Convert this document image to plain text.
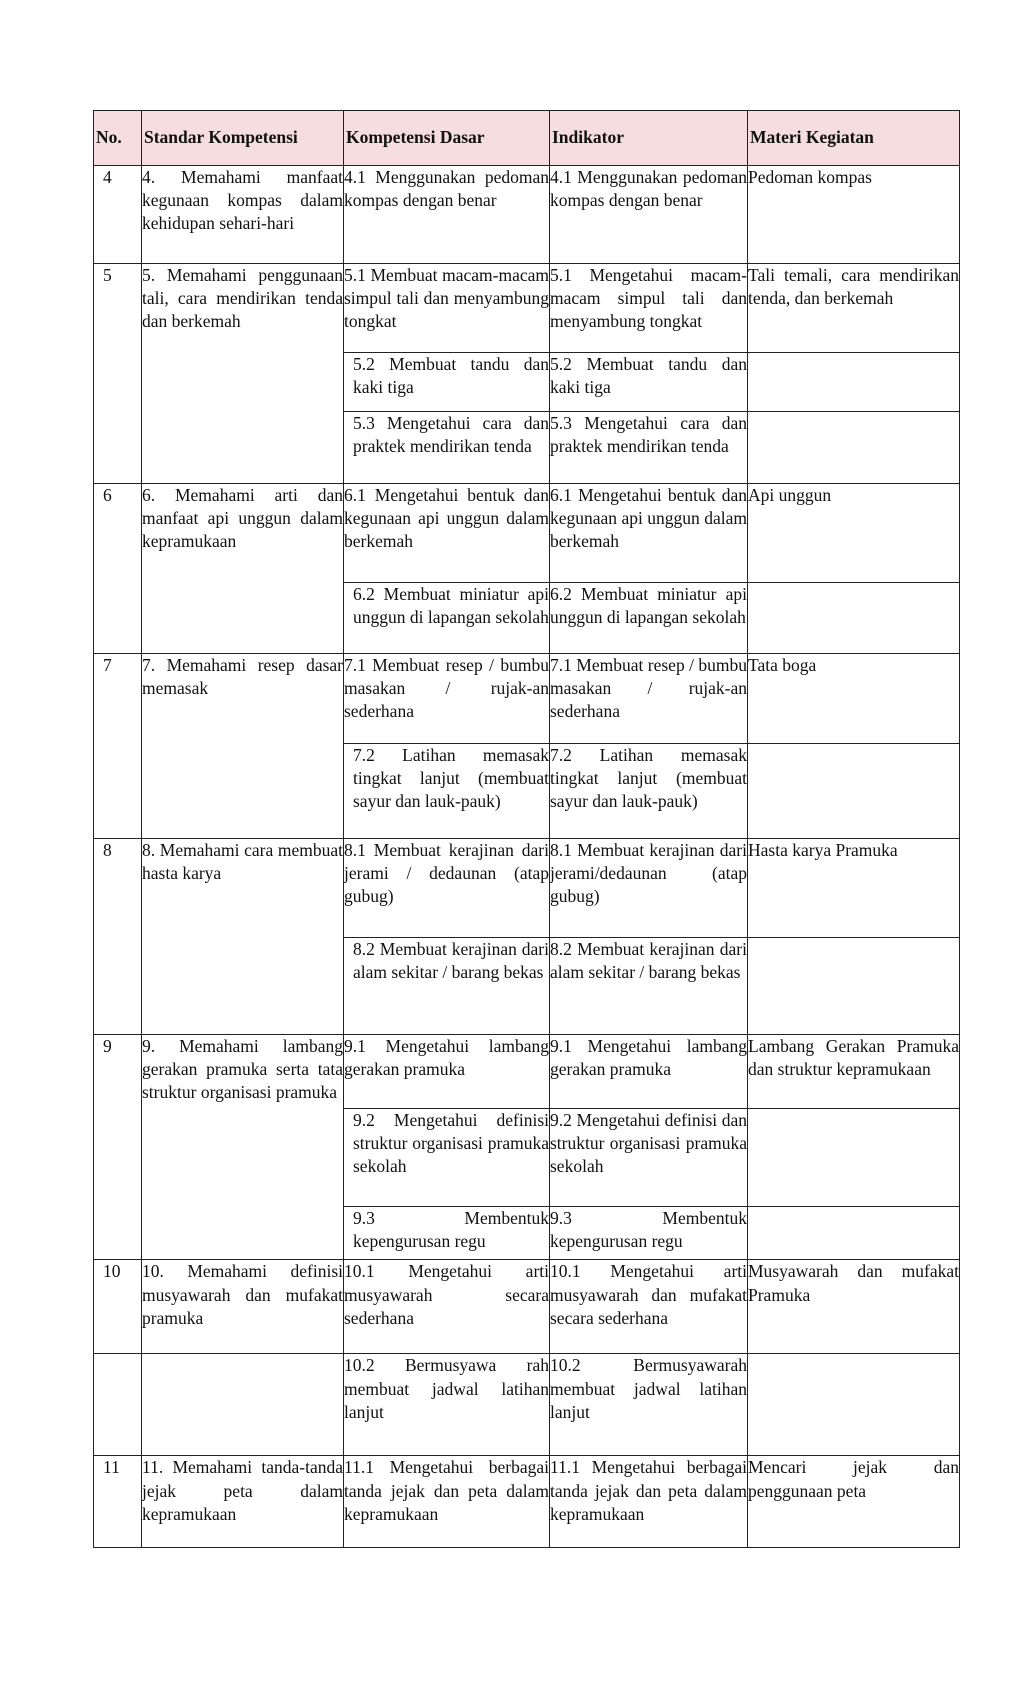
No.	Standar Kompetensi	Kompetensi Dasar	Indikator	Materi Kegiatan
4	4. Memahami manfaat kegunaan kompas dalam kehidupan sehari-hari	4.1 Menggunakan pedoman kompas dengan benar	4.1 Menggunakan pedoman kompas dengan benar	Pedoman kompas
5	5. Memahami penggunaan tali, cara mendirikan tenda dan berkemah	5.1 Membuat macam-macam simpul tali dan menyambung tongkat	5.1 Mengetahui macam-macam simpul tali dan menyambung tongkat	Tali temali, cara mendirikan tenda, dan berkemah
		5.2 Membuat tandu dan kaki tiga	5.2 Membuat tandu dan kaki tiga	
		5.3 Mengetahui cara dan praktek mendirikan tenda	5.3 Mengetahui cara dan praktek mendirikan tenda	
6	6. Memahami arti dan manfaat api unggun dalam kepramukaan	6.1 Mengetahui bentuk dan kegunaan api unggun dalam berkemah	6.1 Mengetahui bentuk dan kegunaan api unggun dalam berkemah	Api unggun
		6.2 Membuat miniatur api unggun di lapangan sekolah	6.2 Membuat miniatur api unggun di lapangan sekolah	
7	7. Memahami resep dasar memasak	7.1 Membuat resep / bumbu masakan / rujak-an sederhana	7.1 Membuat resep / bumbu masakan / rujak-an sederhana	Tata boga
		7.2 Latihan memasak tingkat lanjut (membuat sayur dan lauk-pauk)	7.2 Latihan memasak tingkat lanjut (membuat sayur dan lauk-pauk)	
8	8. Memahami cara membuat hasta karya	8.1 Membuat kerajinan dari jerami / dedaunan (atap gubug)	8.1 Membuat kerajinan dari jerami/dedaunan (atap gubug)	Hasta karya Pramuka
		8.2 Membuat kerajinan dari alam sekitar / barang bekas	8.2 Membuat kerajinan dari alam sekitar / barang bekas	
9	9. Memahami lambang gerakan pramuka serta tata struktur organisasi pramuka	9.1 Mengetahui lambang gerakan pramuka	9.1 Mengetahui lambang gerakan pramuka	Lambang Gerakan Pramuka dan struktur kepramukaan
		9.2 Mengetahui definisi struktur organisasi pramuka sekolah	9.2 Mengetahui definisi dan struktur organisasi pramuka sekolah	
		9.3 Membentuk kepengurusan regu	9.3 Membentuk kepengurusan regu	
10	10. Memahami definisi musyawarah dan mufakat pramuka	10.1 Mengetahui arti musyawarah secara sederhana	10.1 Mengetahui arti musyawarah dan mufakat secara sederhana	Musyawarah dan mufakat Pramuka
		10.2 Bermusyawa rah membuat jadwal latihan lanjut	10.2 Bermusyawarah membuat jadwal latihan lanjut	
11	11. Memahami tanda-tanda jejak peta dalam kepramukaan	11.1 Mengetahui berbagai tanda jejak dan peta dalam kepramukaan	11.1 Mengetahui berbagai tanda jejak dan peta dalam kepramukaan	Mencari jejak dan penggunaan peta
